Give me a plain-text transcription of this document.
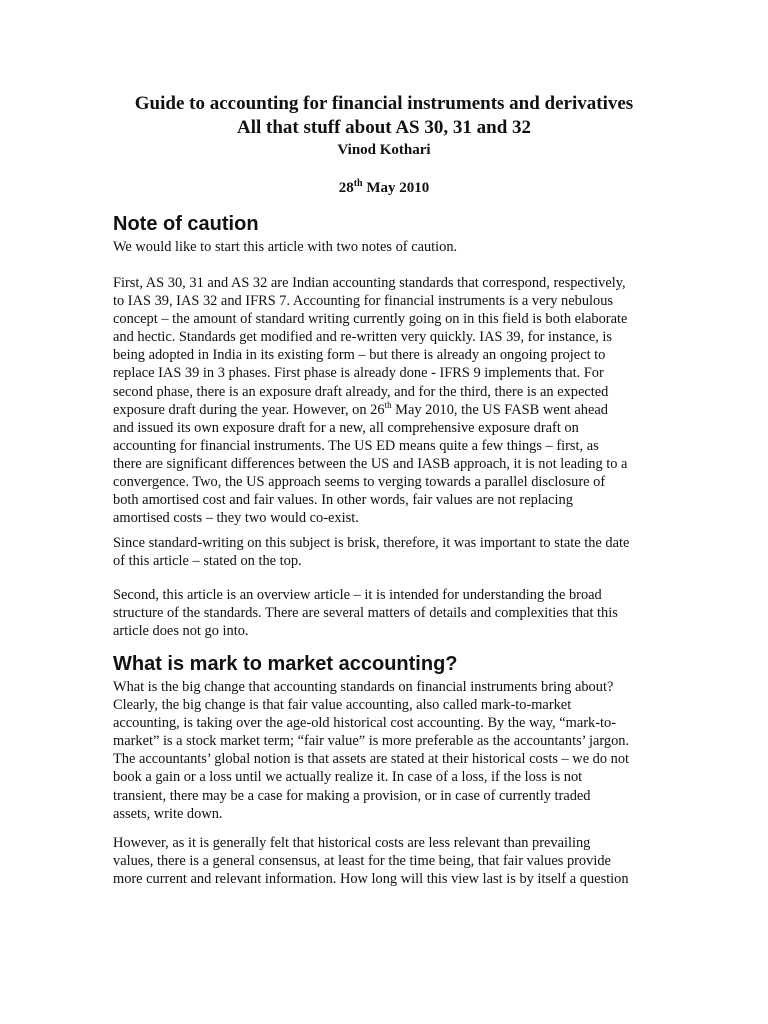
Guide to accounting for financial instruments and derivatives
All that stuff about AS 30, 31 and 32

Vinod Kothari

28th May 2010

Note of caution
We would like to start this article with two notes of caution.
First, AS 30, 31 and AS 32 are Indian accounting standards that correspond, respectively,
to IAS 39, IAS 32 and IFRS 7. Accounting for financial instruments is a very nebulous
concept – the amount of standard writing currently going on in this field is both elaborate
and hectic. Standards get modified and re-written very quickly. IAS 39, for instance, is
being adopted in India in its existing form – but there is already an ongoing project to
replace IAS 39 in 3 phases. First phase is already done - IFRS 9 implements that. For
second phase, there is an exposure draft already, and for the third, there is an expected
exposure draft during the year. However, on 26th May 2010, the US FASB went ahead
and issued its own exposure draft for a new, all comprehensive exposure draft on
accounting for financial instruments. The US ED means quite a few things – first, as
there are significant differences between the US and IASB approach, it is not leading to a
convergence. Two, the US approach seems to verging towards a parallel disclosure of
both amortised cost and fair values. In other words, fair values are not replacing
amortised costs – they two would co-exist.
Since standard-writing on this subject is brisk, therefore, it was important to state the date
of this article – stated on the top.
Second, this article is an overview article – it is intended for understanding the broad
structure of the standards. There are several matters of details and complexities that this
article does not go into.
What is mark to market accounting?
What is the big change that accounting standards on financial instruments bring about?
Clearly, the big change is that fair value accounting, also called mark-to-market
accounting, is taking over the age-old historical cost accounting. By the way, “mark-to-
market” is a stock market term; “fair value” is more preferable as the accountants’ jargon.
The accountants’ global notion is that assets are stated at their historical costs – we do not
book a gain or a loss until we actually realize it. In case of a loss, if the loss is not
transient, there may be a case for making a provision, or in case of currently traded
assets, write down.
However, as it is generally felt that historical costs are less relevant than prevailing
values, there is a general consensus, at least for the time being, that fair values provide
more current and relevant information. How long will this view last is by itself a question
